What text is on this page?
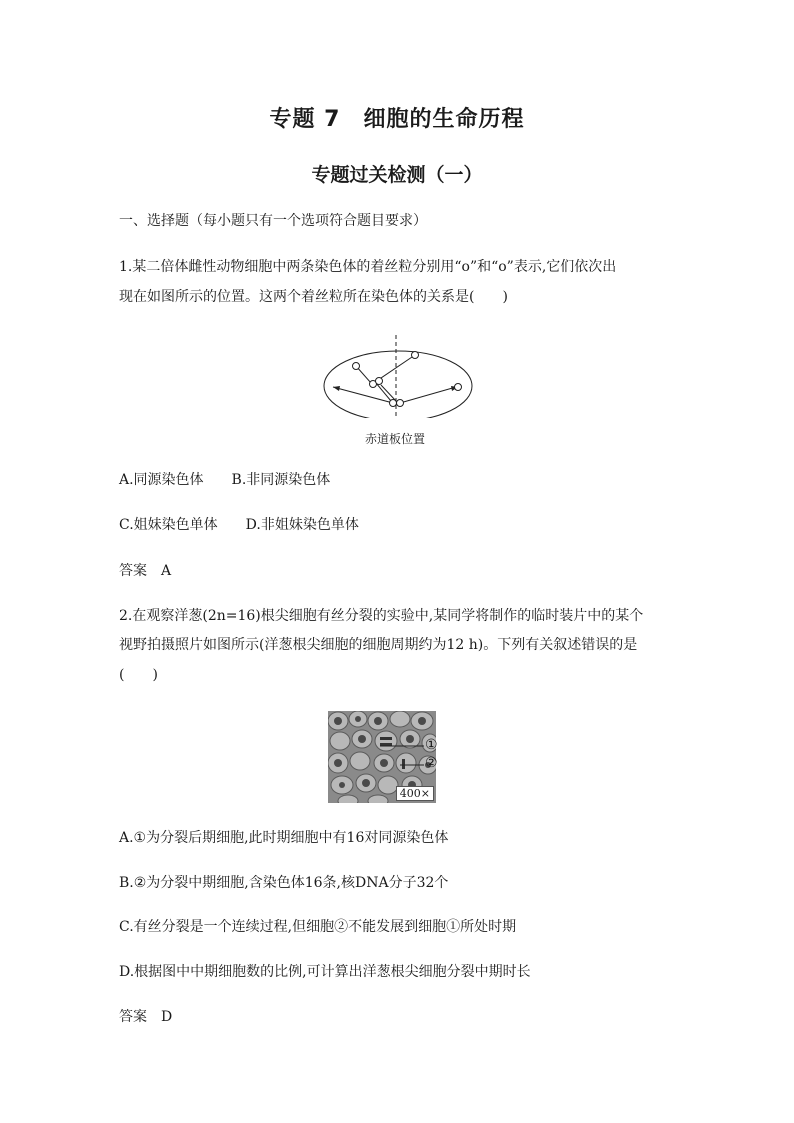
专题 7　细胞的生命历程
专题过关检测（一）
一、选择题（每小题只有一个选项符合题目要求）
1.某二倍体雌性动物细胞中两条染色体的着丝粒分别用“o”和“o”表示,它们依次出
现在如图所示的位置。这两个着丝粒所在染色体的关系是(　　)
赤道板位置
A.同源染色体　　B.非同源染色体
C.姐妹染色单体　　D.非姐妹染色单体
答案　A
2.在观察洋葱(2n=16)根尖细胞有丝分裂的实验中,某同学将制作的临时装片中的某个
视野拍摄照片如图所示(洋葱根尖细胞的细胞周期约为12 h)。下列有关叙述错误的是
(　　)
400×
①
②
A.①为分裂后期细胞,此时期细胞中有16对同源染色体
B.②为分裂中期细胞,含染色体16条,核DNA分子32个
C.有丝分裂是一个连续过程,但细胞②不能发展到细胞①所处时期
D.根据图中中期细胞数的比例,可计算出洋葱根尖细胞分裂中期时长
答案　D
